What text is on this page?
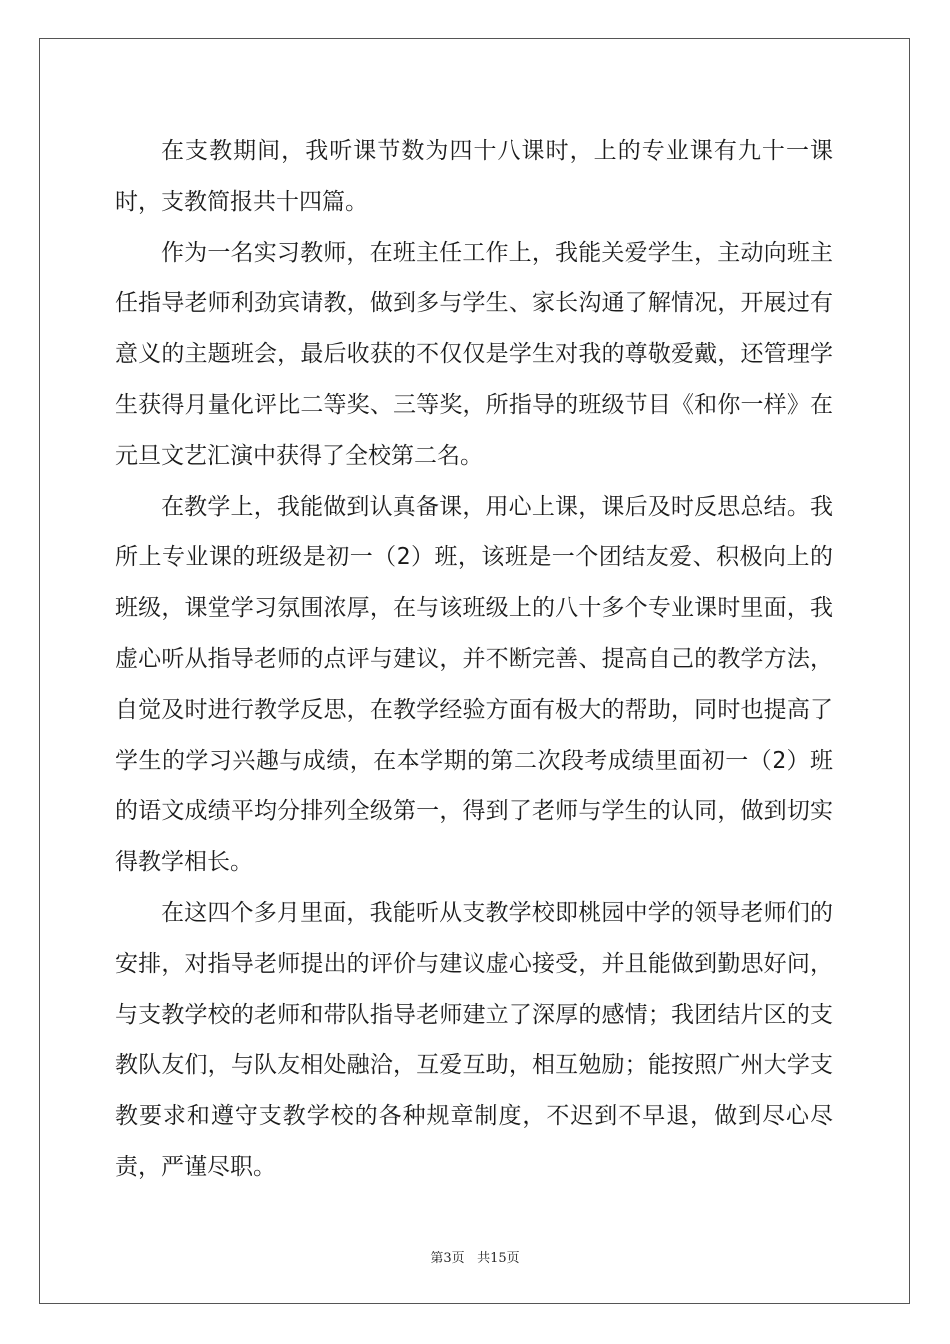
在支教期间，我听课节数为四十八课时，上的专业课有九十一课时，支教简报共十四篇。

作为一名实习教师，在班主任工作上，我能关爱学生，主动向班主任指导老师利劲宾请教，做到多与学生、家长沟通了解情况，开展过有意义的主题班会，最后收获的不仅仅是学生对我的尊敬爱戴，还管理学生获得月量化评比二等奖、三等奖，所指导的班级节目《和你一样》在元旦文艺汇演中获得了全校第二名。

在教学上，我能做到认真备课，用心上课，课后及时反思总结。我所上专业课的班级是初一（2）班，该班是一个团结友爱、积极向上的班级，课堂学习氛围浓厚，在与该班级上的八十多个专业课时里面，我虚心听从指导老师的点评与建议，并不断完善、提高自己的教学方法，自觉及时进行教学反思，在教学经验方面有极大的帮助，同时也提高了学生的学习兴趣与成绩，在本学期的第二次段考成绩里面初一（2）班的语文成绩平均分排列全级第一，得到了老师与学生的认同，做到切实得教学相长。

在这四个多月里面，我能听从支教学校即桃园中学的领导老师们的安排，对指导老师提出的评价与建议虚心接受，并且能做到勤思好问，与支教学校的老师和带队指导老师建立了深厚的感情；我团结片区的支教队友们，与队友相处融洽，互爱互助，相互勉励；能按照广州大学支教要求和遵守支教学校的各种规章制度，不迟到不早退，做到尽心尽责，严谨尽职。

第3页 共15页
